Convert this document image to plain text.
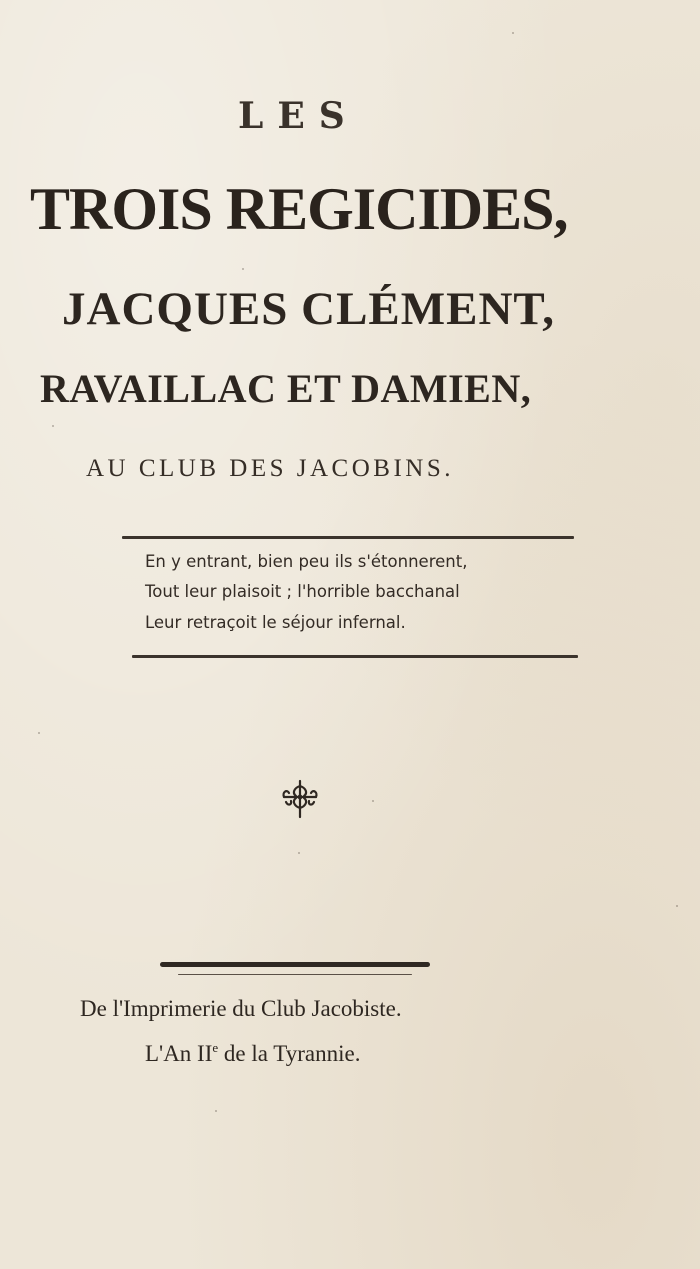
LES
TROIS REGICIDES,
JACQUES CLÉMENT,
RAVAILLAC ET DAMIEN,
AU CLUB DES JACOBINS.
En y entrant, bien peu ils s'étonnerent,
Tout leur plaisoit ; l'horrible bacchanal
Leur retraçoit le séjour infernal.
De l'Imprimerie du Club Jacobiste.
L'An IIe de la Tyrannie.
